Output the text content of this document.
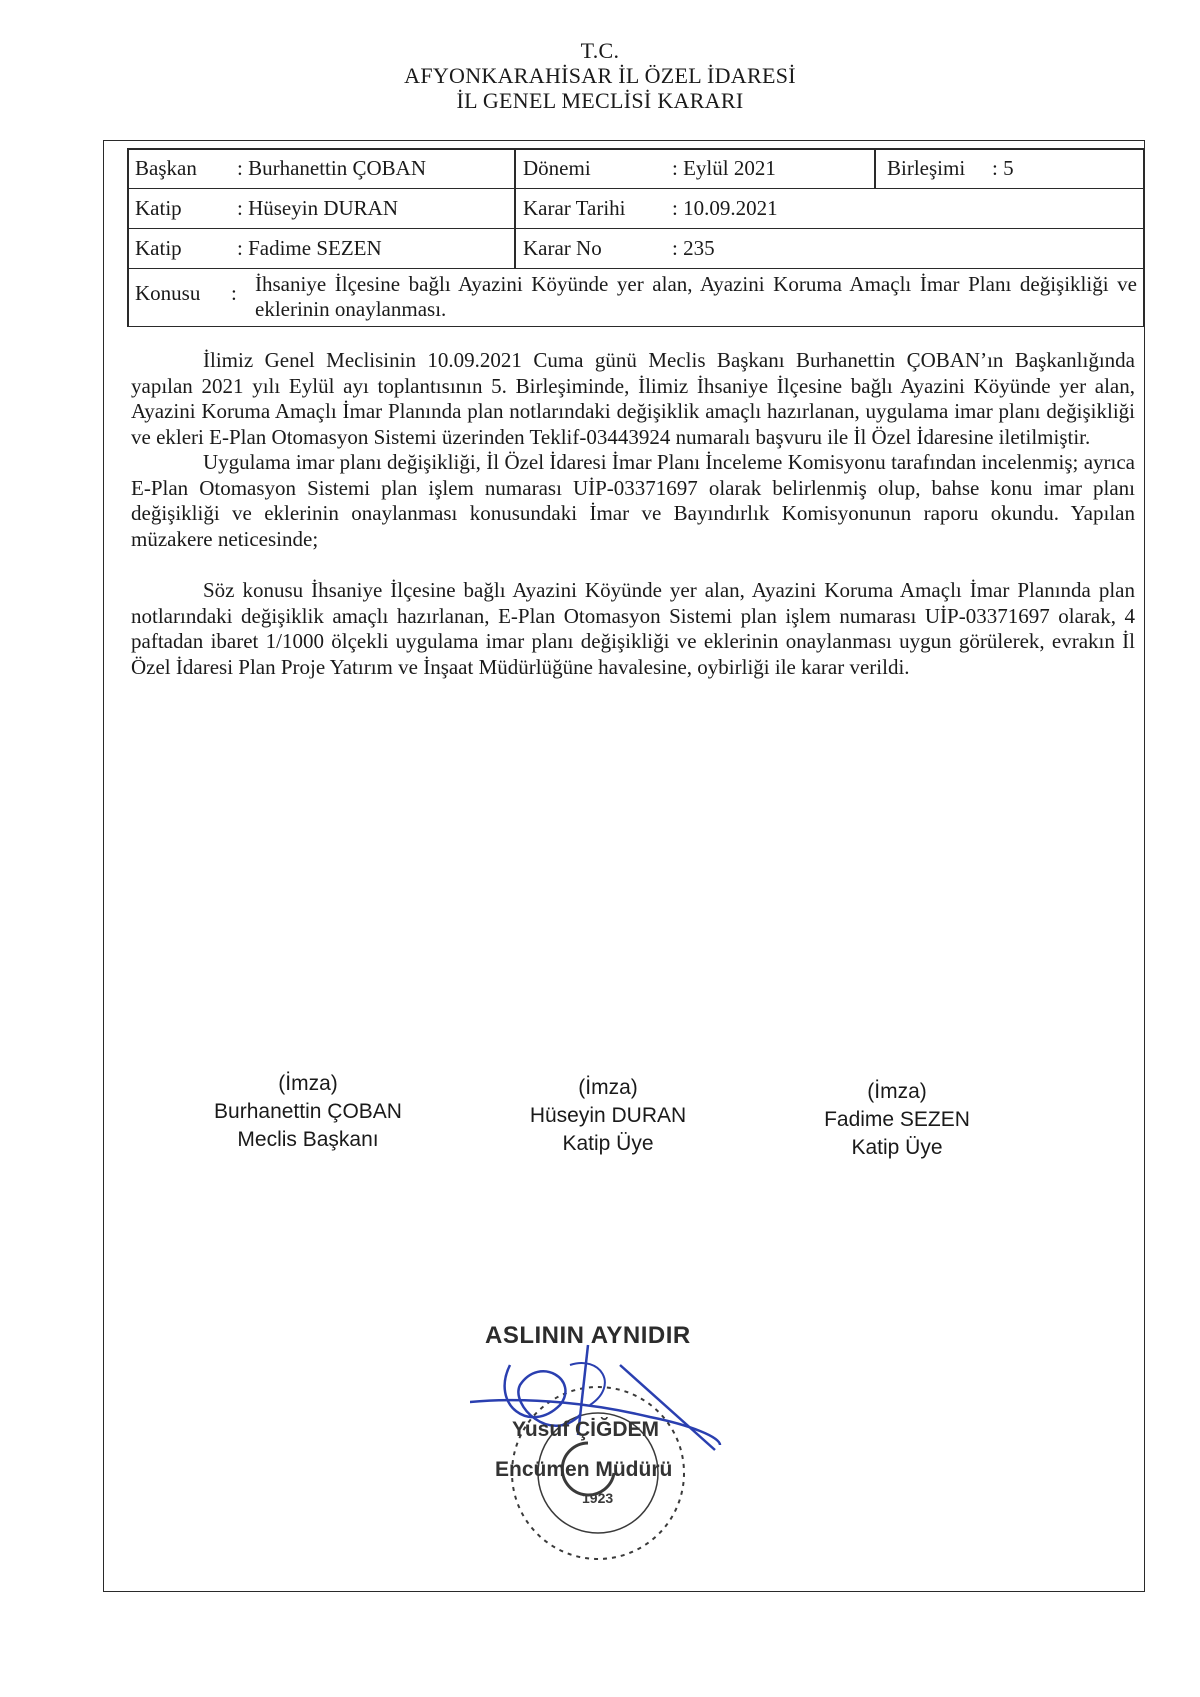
T.C.
AFYONKARAHİSAR İL ÖZEL İDARESİ
İL GENEL MECLİSİ KARARI
Başkan : Burhanettin ÇOBAN	Dönemi	: Eylül 2021	Birleşimi : 5
Katip	: Hüseyin DURAN	Karar Tarihi : 10.09.2021
Katip	: Fadime SEZEN	Karar No	: 235
Konusu : İhsaniye İlçesine bağlı Ayazini Köyünde yer alan, Ayazini Koruma Amaçlı İmar Planı değişikliği ve eklerinin onaylanması.

İlimiz Genel Meclisinin 10.09.2021 Cuma günü Meclis Başkanı Burhanettin ÇOBAN’ın Başkanlığında yapılan 2021 yılı Eylül ayı toplantısının 5. Birleşiminde, İlimiz İhsaniye İlçesine bağlı Ayazini Köyünde yer alan, Ayazini Koruma Amaçlı İmar Planında plan notlarındaki değişiklik amaçlı hazırlanan, uygulama imar planı değişikliği ve ekleri E-Plan Otomasyon Sistemi üzerinden Teklif-03443924 numaralı başvuru ile İl Özel İdaresine iletilmiştir.

Uygulama imar planı değişikliği, İl Özel İdaresi İmar Planı İnceleme Komisyonu tarafından incelenmiş; ayrıca E-Plan Otomasyon Sistemi plan işlem numarası UİP-03371697 olarak belirlenmiş olup, bahse konu imar planı değişikliği ve eklerinin onaylanması konusundaki İmar ve Bayındırlık Komisyonunun raporu okundu. Yapılan müzakere neticesinde;

Söz konusu İhsaniye İlçesine bağlı Ayazini Köyünde yer alan, Ayazini Koruma Amaçlı İmar Planında plan notlarındaki değişiklik amaçlı hazırlanan, E-Plan Otomasyon Sistemi plan işlem numarası UİP-03371697 olarak, 4 paftadan ibaret 1/1000 ölçekli uygulama imar planı değişikliği ve eklerinin onaylanması uygun görülerek, evrakın İl Özel İdaresi Plan Proje Yatırım ve İnşaat Müdürlüğüne havalesine, oybirliği ile karar verildi.

(İmza)
Burhanettin ÇOBAN
Meclis Başkanı
(İmza)
Hüseyin DURAN
Katip Üye
(İmza)
Fadime SEZEN
Katip Üye
ASLININ AYNIDIR
1923
Yusuf ÇİĞDEM
Encümen Müdürü
